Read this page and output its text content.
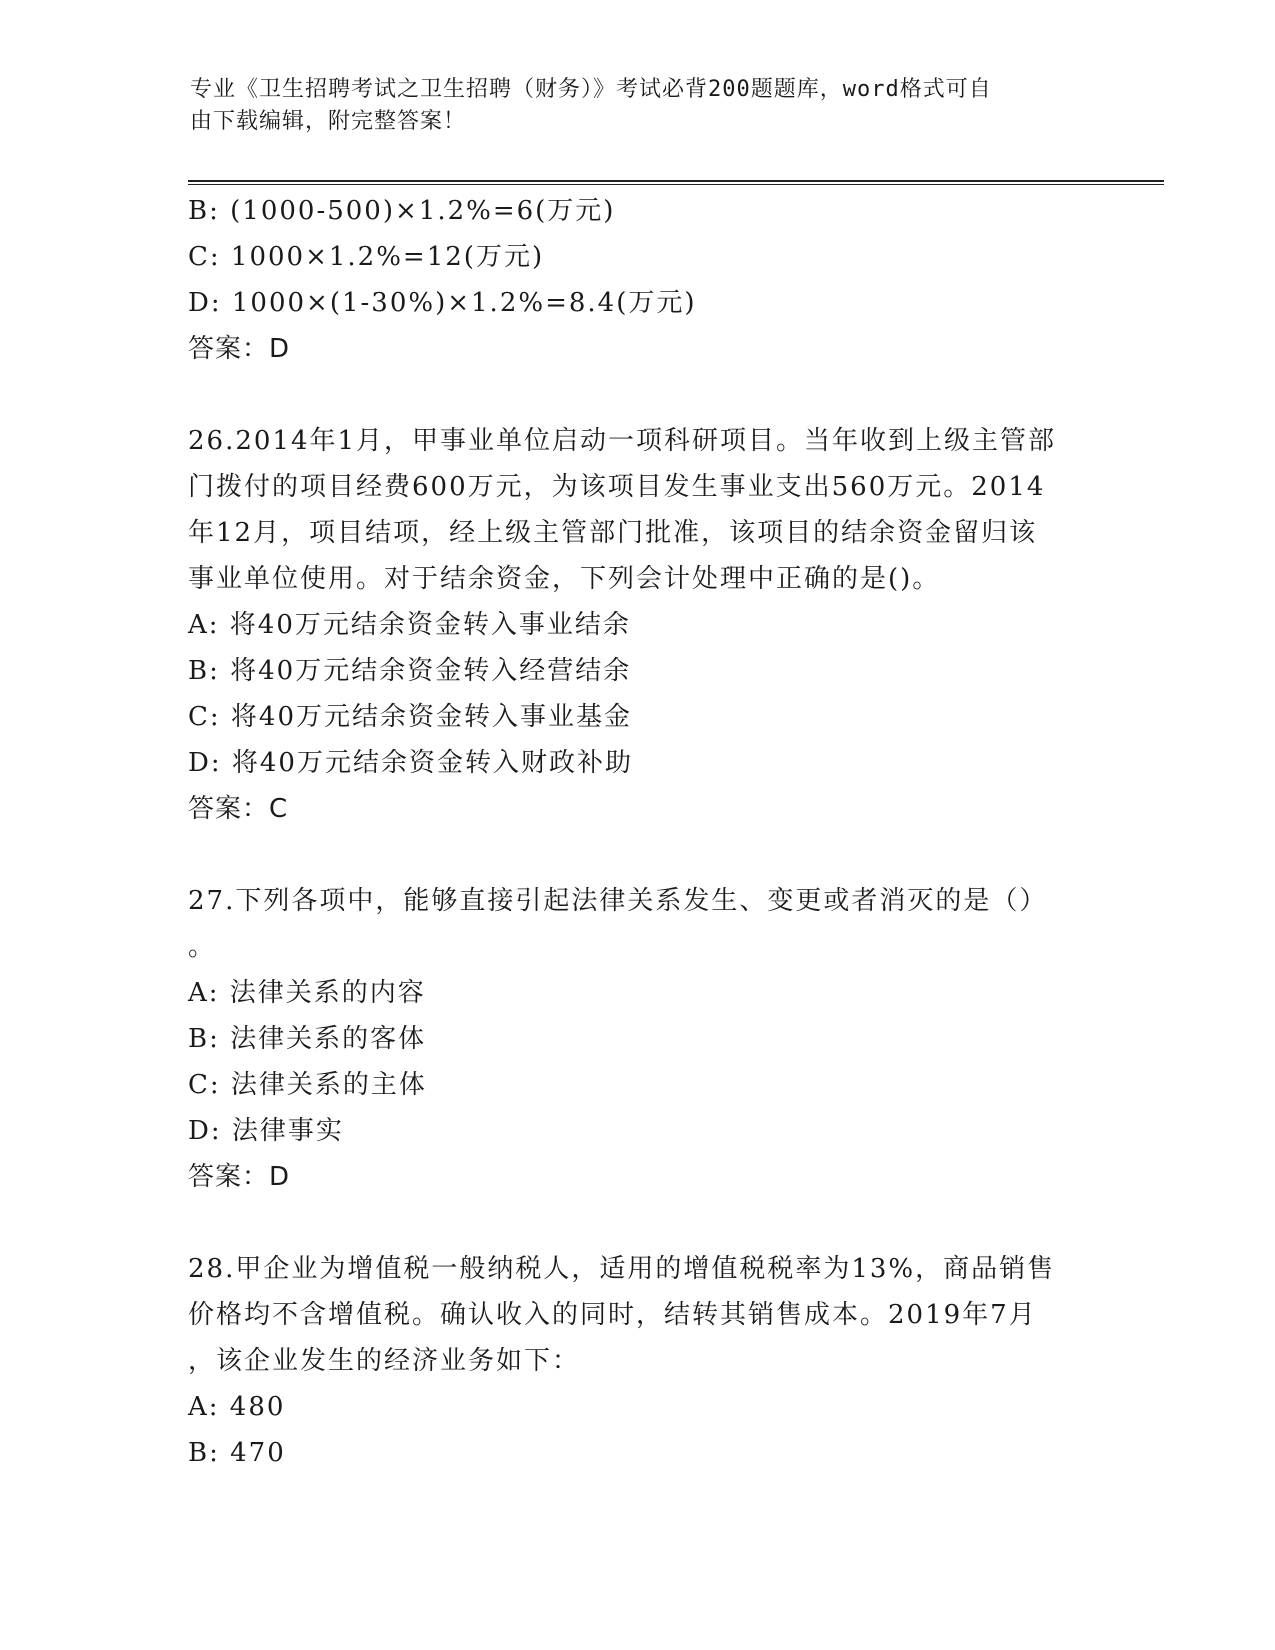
专业《卫生招聘考试之卫生招聘（财务）》考试必背200题题库，word格式可自
由下载编辑，附完整答案！
B: (1000-500)×1.2%=6(万元)
C: 1000×1.2%=12(万元)
D: 1000×(1-30%)×1.2%=8.4(万元)
答案：D
26.2014年1月，甲事业单位启动一项科研项目。当年收到上级主管部
门拨付的项目经费600万元，为该项目发生事业支出560万元。2014
年12月，项目结项，经上级主管部门批准，该项目的结余资金留归该
事业单位使用。对于结余资金，下列会计处理中正确的是()。
A: 将40万元结余资金转入事业结余
B: 将40万元结余资金转入经营结余
C: 将40万元结余资金转入事业基金
D: 将40万元结余资金转入财政补助
答案：C
27.下列各项中，能够直接引起法律关系发生、变更或者消灭的是（）
。
A: 法律关系的内容
B: 法律关系的客体
C: 法律关系的主体
D: 法律事实
答案：D
28.甲企业为增值税一般纳税人，适用的增值税税率为13%，商品销售
价格均不含增值税。确认收入的同时，结转其销售成本。2019年7月
，该企业发生的经济业务如下：
A: 480
B: 470
